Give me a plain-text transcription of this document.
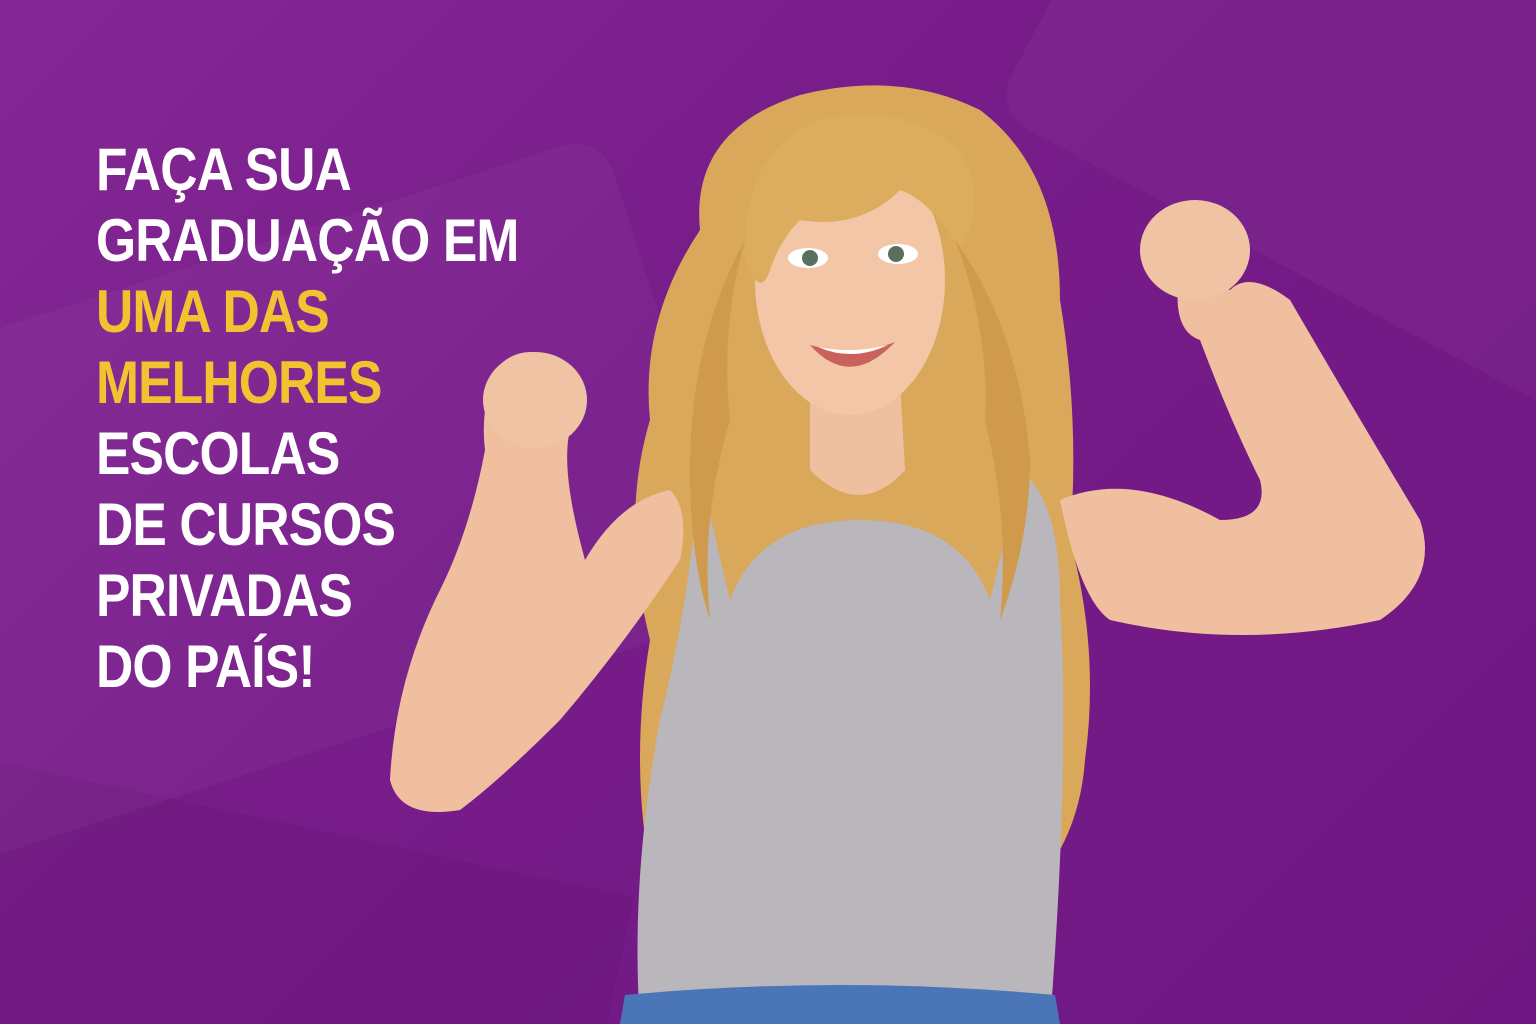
FAÇA SUA
GRADUAÇÃO EM
UMA DAS
MELHORES
ESCOLAS
DE CURSOS
PRIVADAS
DO PAÍS!
